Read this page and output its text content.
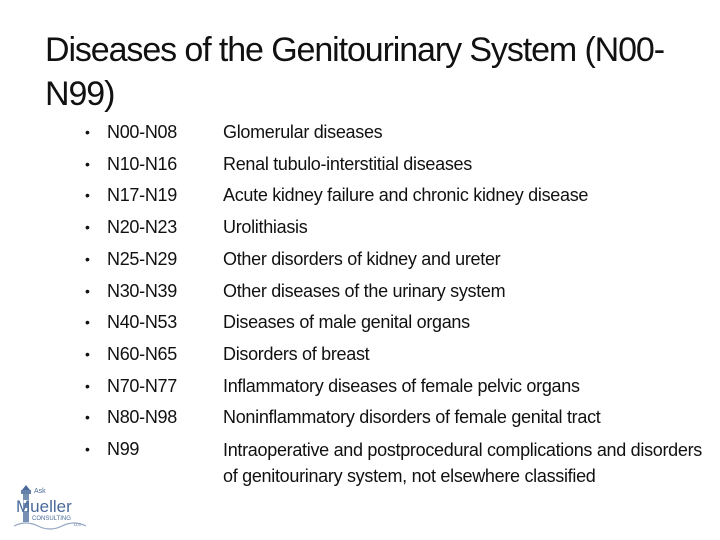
Diseases of the Genitourinary System (N00-N99)
• N00-N08
• N10-N16
• N17-N19
• N20-N23
• N25-N29
• N30-N39
• N40-N53
• N60-N65
• N70-N77
• N80-N98
• N99
Glomerular diseases
Renal tubulo-interstitial diseases
Acute kidney failure and chronic kidney disease
Urolithiasis
Other disorders of kidney and ureter
Other diseases of the urinary system
Diseases of male genital organs
Disorders of breast
Inflammatory diseases of female pelvic organs
Noninflammatory disorders of female genital tract
Intraoperative and postprocedural complications and disorders of genitourinary system, not elsewhere classified
Ask
Mueller
CONSULTING
LLC
